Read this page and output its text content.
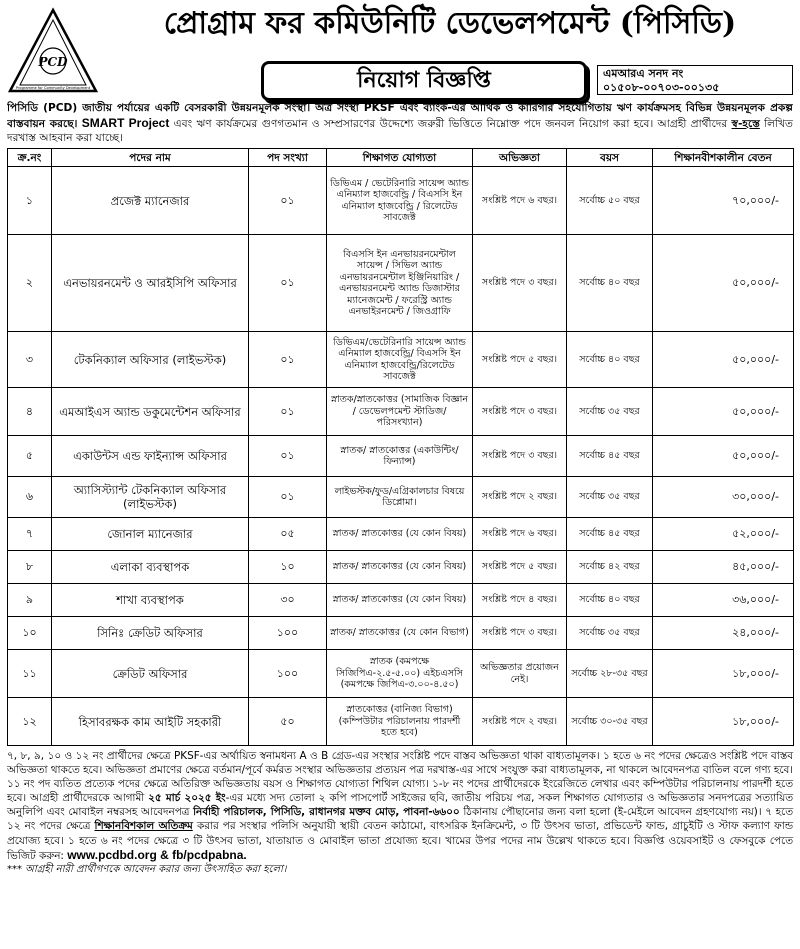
PCD
Programme for Community Development
প্রোগ্রাম ফর কমিউনিটি ডেভেলপমেন্ট (পিসিডি)
নিয়োগ বিজ্ঞপ্তি	এমআরএ সনদ নং
০১৫০৮-০০৭০৩-০০১৩৫
পিসিডি (PCD) জাতীয় পর্যায়ের একটি বেসরকারী উন্নয়নমূলক সংস্থা। অত্র সংস্থা PKSF এবং ব্যাংক-এর আর্থিক ও কারিগরি সহযোগিতায় ঋণ কার্যক্রমসহ বিভিন্ন উন্নয়নমূলক প্রকল্প বাস্তবায়ন করছে। SMART Project এবং ঋণ কার্যক্রমের গুণগতমান ও সম্প্রসারণের উদ্দেশ্যে জরুরী ভিত্তিতে নিম্নোক্ত পদে জনবল নিয়োগ করা হবে। আগ্রহী প্রার্থীদের স্ব-হস্তে লিখিত দরখাস্ত আহবান করা যাচ্ছে।
ক্র.নং	পদের নাম	পদ সংখ্যা	শিক্ষাগত যোগ্যতা	অভিজ্ঞতা	বয়স	শিক্ষানবীশকালীন বেতন
১	প্রজেক্ট ম্যানেজার	০১	ডিভিএম / ভেটেরিনারি সায়েন্স অ্যান্ড এনিম্যাল হাজবেন্ড্রি / বিএসসি ইন এনিম্যাল হাজবেন্ড্রি / রিলেটেড সাবজেক্ট	সংশ্লিষ্ট পদে ৬ বছর।	সর্বোচ্চ ৫০ বছর	৭০,০০০/-
২	এনভায়রনমেন্ট ও আরইসিপি অফিসার	০১	বিএসসি ইন এনভায়রনমেন্টাল সায়েন্স / সিভিল অ্যান্ড এনভায়রনমেন্টাল ইঞ্জিনিয়ারিং / এনভায়রনমেন্ট অ্যান্ড ডিজাস্টার ম্যানেজমেন্ট / ফরেস্ট্রি অ্যান্ড এনভাইরনমেন্ট / জিওগ্রাফি	সংশ্লিষ্ট পদে ৩ বছর।	সর্বোচ্চ ৪০ বছর	৫০,০০০/-
৩	টেকনিক্যাল অফিসার (লাইভস্টক)	০১	ডিভিএম/ভেটেরিনারি সায়েন্স অ্যান্ড এনিম্যাল হাজবেন্ড্রি/ বিএসসি ইন এনিম্যাল হাজবেন্ড্রি/রিলেটেড সাবজেক্ট	সংশ্লিষ্ট পদে ৫ বছর।	সর্বোচ্চ ৪০ বছর	৫০,০০০/-
৪	এমআইএস অ্যান্ড ডকুমেন্টেশন অফিসার	০১	স্নাতক/স্নাতকোত্তর (সামাজিক বিজ্ঞান / ডেভেলপমেন্ট স্টাডিজ/পরিসংখ্যান)	সংশ্লিষ্ট পদে ৩ বছর।	সর্বোচ্চ ৩৫ বছর	৫০,০০০/-
৫	একাউন্টস এন্ড ফাইন্যান্স অফিসার	০১	স্নাতক/ স্নাতকোত্তর (একাউন্টিং/ফিন্যান্স)	সংশ্লিষ্ট পদে ৩ বছর।	সর্বোচ্চ ৪৫ বছর	৫০,০০০/-
৬	অ্যাসিস্ট্যান্ট টেকনিক্যাল অফিসার (লাইভস্টক)	০১	লাইভস্টক/ফুড/এগ্রিকালচার বিষয়ে ডিপ্লোমা।	সংশ্লিষ্ট পদে ২ বছর।	সর্বোচ্চ ৩৫ বছর	৩০,০০০/-
৭	জোনাল ম্যানেজার	০৫	স্নাতক/ স্নাতকোত্তর (যে কোন বিষয়)	সংশ্লিষ্ট পদে ৬ বছর।	সর্বোচ্চ ৪৫ বছর	৫২,০০০/-
৮	এলাকা ব্যবস্থাপক	১০	স্নাতক/ স্নাতকোত্তর (যে কোন বিষয়)	সংশ্লিষ্ট পদে ৫ বছর।	সর্বোচ্চ ৪২ বছর	৪৫,০০০/-
৯	শাখা ব্যবস্থাপক	৩০	স্নাতক/ স্নাতকোত্তর (যে কোন বিষয়)	সংশ্লিষ্ট পদে ৪ বছর।	সর্বোচ্চ ৪০ বছর	৩৬,০০০/-
১০	সিনিঃ ক্রেডিট অফিসার	১০০	স্নাতক/ স্নাতকোত্তর (যে কোন বিভাগ)	সংশ্লিষ্ট পদে ৩ বছর।	সর্বোচ্চ ৩৫ বছর	২৪,০০০/-
১১	ক্রেডিট অফিসার	১০০	স্নাতক (কমপক্ষে সিজিপিএ-২.৫-৫.০০) এইচএসসি (কমপক্ষে জিপিএ-৩.০০-৪.৫০)	অভিজ্ঞতার প্রয়োজন নেই।	সর্বোচ্চ ২৮-৩৫ বছর	১৮,০০০/-
১২	হিসাবরক্ষক কাম আইটি সহকারী	৫০	স্নাতকোত্তর (বানিজ্য বিভাগ) (কম্পিউটার পরিচালনায় পারদর্শী হতে হবে)	সংশ্লিষ্ট পদে ২ বছর।	সর্বোচ্চ ৩০-৩৫ বছর	১৮,০০০/-
৭, ৮, ৯, ১০ ও ১২ নং প্রার্থীদের ক্ষেত্রে PKSF-এর অর্থায়িত স্বনামধন্য A ও B গ্রেড-এর সংস্থার সংশ্লিষ্ট পদে বাস্তব অভিজ্ঞতা থাকা বাধ্যতামূলক। ১ হতে ৬ নং পদের ক্ষেত্রেও সংশ্লিষ্ট পদে বাস্তব অভিজ্ঞতা থাকতে হবে। অভিজ্ঞতা প্রমাণের ক্ষেত্রে বর্তমান/পূর্বে কর্মরত সংস্থার অভিজ্ঞতার প্রত্যয়ন পত্র দরখাস্ত-এর সাথে সংযুক্ত করা বাধ্যতামূলক, না থাকলে আবেদনপত্র বাতিল বলে গণ্য হবে। ১১ নং পদ ব্যতিত প্রত্যেক পদের ক্ষেত্রে অতিরিক্ত অভিজ্ঞতায় বয়স ও শিক্ষাগত যোগ্যতা শিথিল যোগ্য। ১-৮ নং পদের প্রার্থীদেরকে ইংরেজিতে লেখার এবং কম্পিউটার পরিচালনায় পারদর্শী হতে হবে। আগ্রহী প্রার্থীদেরকে আগামী ২৫ মার্চ ২০২৫ ইং-এর মধ্যে সদ্য তোলা ২ কপি পাসপোর্ট সাইজের ছবি, জাতীয় পরিচয় পত্র, সকল শিক্ষাগত যোগ্যতার ও অভিজ্ঞতার সনদপত্রের সত্যায়িত অনুলিপি এবং মোবাইল নম্বরসহ আবেদনপত্র নির্বাহী পরিচালক, পিসিডি, রাধানগর মক্তব মোড়, পাবনা-৬৬০০ ঠিকানায় পৌছানোর জন্য বলা হলো (ই-মেইলে আবেদন গ্রহণযোগ্য নয়)। ৭ হতে ১২ নং পদের ক্ষেত্রে শিক্ষানবিশকাল অতিক্রম করার পর সংস্থার পলিসি অনুযায়ী স্থায়ী বেতন কাঠামো, বাৎসরিক ইনক্রিমেন্ট, ৩ টি উৎসব ভাতা, প্রভিডেন্ট ফান্ড, গ্রাচুইটি ও স্টাফ কল্যাণ ফান্ড প্রযোজ্য হবে। ১ হতে ৬ নং পদের ক্ষেত্রে ৩ টি উৎসব ভাতা, যাতায়াত ও মোবাইল ভাতা প্রযোজ্য হবে। খামের উপর পদের নাম উল্লেখ থাকতে হবে। বিজ্ঞপ্তি ওয়েবসাইট ও ফেসবুকে পেতে ভিজিট করুন: www.pcdbd.org & fb/pcdpabna.
*** আগ্রহী নারী প্রার্থীগণকে আবেদন করার জন্য উৎসাহিত করা হলো।
